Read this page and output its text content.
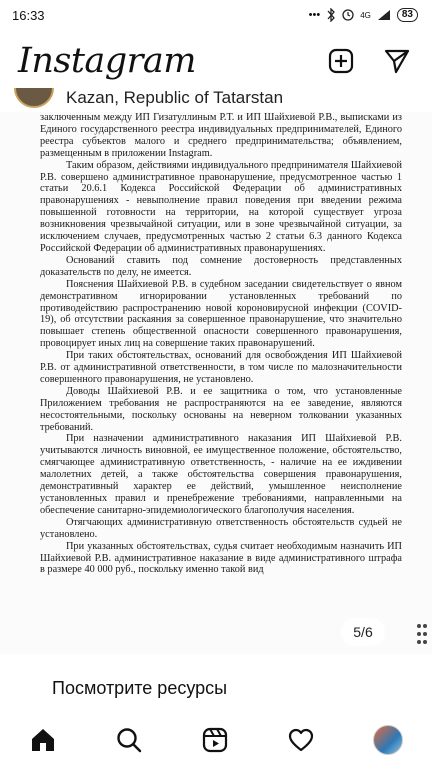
16:33	•••	4G	83
Instagram
Kazan, Republic of Tatarstan

заключенным между ИП Гизатуллиным Р.Т. и ИП Шайхиевой Р.В., выписками из Единого государственного реестра индивидуальных предпринимателей, Единого реестра субъектов малого и среднего предпринимательства; объявлением, размещенным в приложении Instagram.

Таким образом, действиями индивидуального предпринимателя Шайхиевой Р.В. совершено административное правонарушение, предусмотренное частью 1 статьи 20.6.1 Кодекса Российской Федерации об административных правонарушениях - невыполнение правил поведения при введении режима повышенной готовности на территории, на которой существует угроза возникновения чрезвычайной ситуации, или в зоне чрезвычайной ситуации, за исключением случаев, предусмотренных частью 2 статьи 6.3 данного Кодекса Российской Федерации об административных правонарушениях.

Оснований ставить под сомнение достоверность представленных доказательств по делу, не имеется.

Пояснения Шайхиевой Р.В. в судебном заседании свидетельствует о явном демонстративном игнорировании установленных требований по противодействию распространению новой короновирусной инфекции (COVID-19), об отсутствии раскаяния за совершенное правонарушение, что значительно повышает степень общественной опасности совершенного правонарушения, провоцирует иных лиц на совершение таких правонарушений.

При таких обстоятельствах, оснований для освобождения ИП Шайхиевой Р.В. от административной ответственности, в том числе по малозначительности совершенного правонарушения, не установлено.

Доводы Шайхиевой Р.В. и ее защитника о том, что установленные Приложением требования не распространяются на ее заведение, являются несостоятельными, поскольку основаны на неверном толковании указанных требований.

При назначении административного наказания ИП Шайхиевой Р.В. учитываются личность виновной, ее имущественное положение, обстоятельство, смягчающее административную ответственность, - наличие на ее иждивении малолетних детей, а также обстоятельства совершения правонарушения, демонстративный характер ее действий, умышленное неисполнение установленных правил и пренебрежение требованиями, направленными на обеспечение санитарно-эпидемиологического благополучия населения.

Отягчающих административную ответственность обстоятельств судьей не установлено.

При указанных обстоятельствах, судья считает необходимым назначить ИП Шайхиевой Р.В. административное наказание в виде административного штрафа в размере 40 000 руб., поскольку именно такой вид

5/6
Посмотрите ресурсы
